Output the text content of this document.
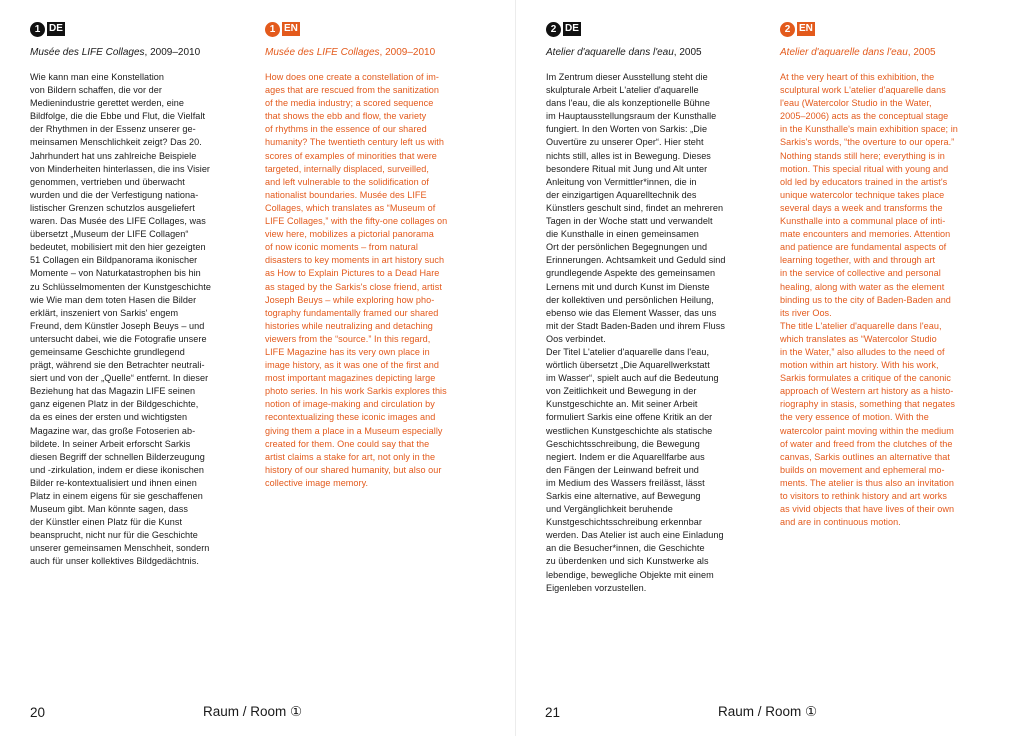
1 DE
Musée des LIFE Collages, 2009–2010
Wie kann man eine Konstellation
von Bildern schaffen, die vor der
Medienindustrie gerettet werden, eine
Bildfolge, die die Ebbe und Flut, die Vielfalt
der Rhythmen in der Essenz unserer ge-
meinsamen Menschlichkeit zeigt? Das 20.
Jahrhundert hat uns zahlreiche Beispiele
von Minderheiten hinterlassen, die ins Visier
genommen, vertrieben und überwacht
wurden und die der Verfestigung nationa-
listischer Grenzen schutzlos ausgeliefert
waren. Das Musée des LIFE Collages, was
übersetzt „Museum der LIFE Collagen“
bedeutet, mobilisiert mit den hier gezeigten
51 Collagen ein Bildpanorama ikonischer
Momente – von Naturkatastrophen bis hin
zu Schlüsselmomenten der Kunstgeschichte
wie Wie man dem toten Hasen die Bilder
erklärt, inszeniert von Sarkis' engem
Freund, dem Künstler Joseph Beuys – und
untersucht dabei, wie die Fotografie unsere
gemeinsame Geschichte grundlegend
prägt, während sie den Betrachter neutrali-
siert und von der „Quelle“ entfernt. In dieser
Beziehung hat das Magazin LIFE seinen
ganz eigenen Platz in der Bildgeschichte,
da es eines der ersten und wichtigsten
Magazine war, das große Fotoserien ab-
bildete. In seiner Arbeit erforscht Sarkis
diesen Begriff der schnellen Bilderzeugung
und -zirkulation, indem er diese ikonischen
Bilder re-kontextualisiert und ihnen einen
Platz in einem eigens für sie geschaffenen
Museum gibt. Man könnte sagen, dass
der Künstler einen Platz für die Kunst
beansprucht, nicht nur für die Geschichte
unserer gemeinsamen Menschheit, sondern
auch für unser kollektives Bildgedächtnis.
1 EN
Musée des LIFE Collages, 2009–2010
How does one create a constellation of im-
ages that are rescued from the sanitization
of the media industry; a scored sequence
that shows the ebb and flow, the variety
of rhythms in the essence of our shared
humanity? The twentieth century left us with
scores of examples of minorities that were
targeted, internally displaced, surveilled,
and left vulnerable to the solidification of
nationalist boundaries. Musée des LIFE
Collages, which translates as “Museum of
LIFE Collages,” with the fifty-one collages on
view here, mobilizes a pictorial panorama
of now iconic moments – from natural
disasters to key moments in art history such
as How to Explain Pictures to a Dead Hare
as staged by the Sarkis's close friend, artist
Joseph Beuys – while exploring how pho-
tography fundamentally framed our shared
histories while neutralizing and detaching
viewers from the “source.” In this regard,
LIFE Magazine has its very own place in
image history, as it was one of the first and
most important magazines depicting large
photo series. In his work Sarkis explores this
notion of image-making and circulation by
recontextualizing these iconic images and
giving them a place in a Museum especially
created for them. One could say that the
artist claims a stake for art, not only in the
history of our shared humanity, but also our
collective image memory.
20	Raum / Room ①
2 DE
Atelier d'aquarelle dans l'eau, 2005
Im Zentrum dieser Ausstellung steht die
skulpturale Arbeit L'atelier d'aquarelle
dans l'eau, die als konzeptionelle Bühne
im Hauptausstellungsraum der Kunsthalle
fungiert. In den Worten von Sarkis: „Die
Ouvertüre zu unserer Oper“. Hier steht
nichts still, alles ist in Bewegung. Dieses
besondere Ritual mit Jung und Alt unter
Anleitung von Vermittler*innen, die in
der einzigartigen Aquarelltechnik des
Künstlers geschult sind, findet an mehreren
Tagen in der Woche statt und verwandelt
die Kunsthalle in einen gemeinsamen
Ort der persönlichen Begegnungen und
Erinnerungen. Achtsamkeit und Geduld sind
grundlegende Aspekte des gemeinsamen
Lernens mit und durch Kunst im Dienste
der kollektiven und persönlichen Heilung,
ebenso wie das Element Wasser, das uns
mit der Stadt Baden-Baden und ihrem Fluss
Oos verbindet.
Der Titel L'atelier d'aquarelle dans l'eau,
wörtlich übersetzt „Die Aquarellwerkstatt
im Wasser“, spielt auch auf die Bedeutung
von Zeitlichkeit und Bewegung in der
Kunstgeschichte an. Mit seiner Arbeit
formuliert Sarkis eine offene Kritik an der
westlichen Kunstgeschichte als statische
Geschichtsschreibung, die Bewegung
negiert. Indem er die Aquarellfarbe aus
den Fängen der Leinwand befreit und
im Medium des Wassers freilässt, lässt
Sarkis eine alternative, auf Bewegung
und Vergänglichkeit beruhende
Kunstgeschichtsschreibung erkennbar
werden. Das Atelier ist auch eine Einladung
an die Besucher*innen, die Geschichte
zu überdenken und sich Kunstwerke als
lebendige, bewegliche Objekte mit einem
Eigenleben vorzustellen.
2 EN
Atelier d'aquarelle dans l'eau, 2005
At the very heart of this exhibition, the
sculptural work L'atelier d'aquarelle dans
l'eau (Watercolor Studio in the Water,
2005–2006) acts as the conceptual stage
in the Kunsthalle's main exhibition space; in
Sarkis's words, “the overture to our opera.”
Nothing stands still here; everything is in
motion. This special ritual with young and
old led by educators trained in the artist's
unique watercolor technique takes place
several days a week and transforms the
Kunsthalle into a communal place of inti-
mate encounters and memories. Attention
and patience are fundamental aspects of
learning together, with and through art
in the service of collective and personal
healing, along with water as the element
binding us to the city of Baden-Baden and
its river Oos.
The title L'atelier d'aquarelle dans l'eau,
which translates as “Watercolor Studio
in the Water,” also alludes to the need of
motion within art history. With his work,
Sarkis formulates a critique of the canonic
approach of Western art history as a histo-
riography in stasis, something that negates
the very essence of motion. With the
watercolor paint moving within the medium
of water and freed from the clutches of the
canvas, Sarkis outlines an alternative that
builds on movement and ephemeral mo-
ments. The atelier is thus also an invitation
to visitors to rethink history and art works
as vivid objects that have lives of their own
and are in continuous motion.
21	Raum / Room ①
